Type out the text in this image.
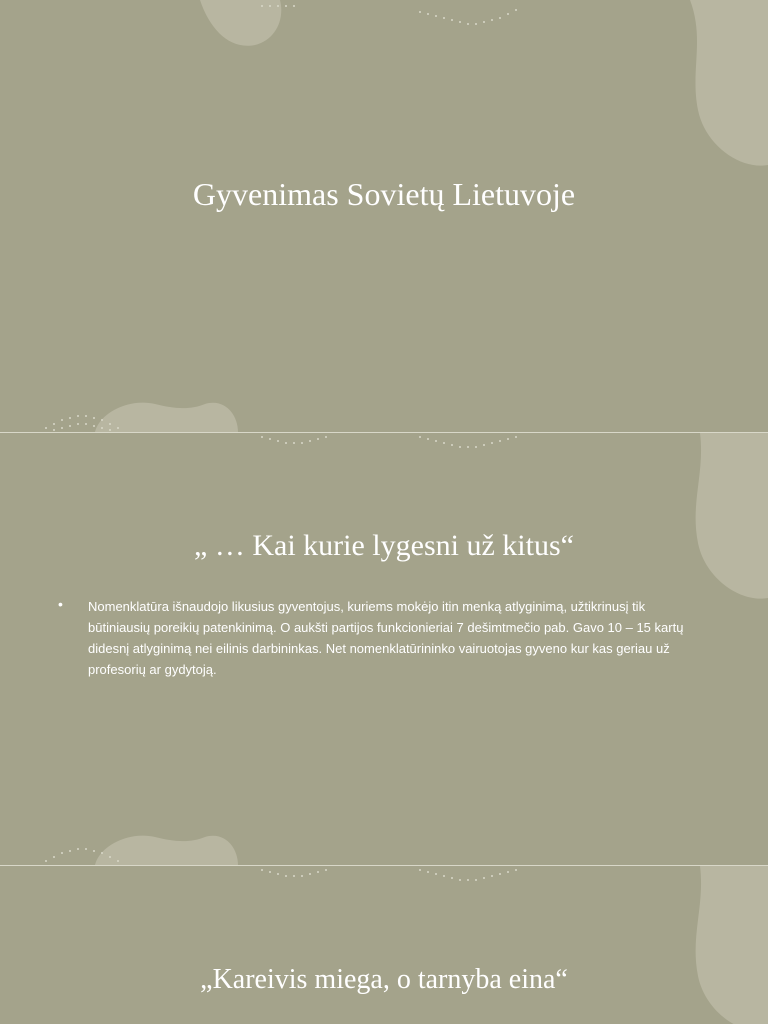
Gyvenimas Sovietų Lietuvoje
„ … Kai kurie lygesni už kitus“
• Nomenklatūra išnaudojo likusius gyventojus, kuriems mokėjo itin menką atlyginimą, užtikrinusį tik būtiniausių poreikių patenkinimą. O aukšti partijos funkcionieriai 7 dešimtmečio pab. Gavo 10 – 15 kartų didesnį atlyginimą nei eilinis darbininkas. Net nomenklatūrininko vairuotojas gyveno kur kas geriau už profesorių ar gydytoją.
„Kareivis miega, o tarnyba eina“
